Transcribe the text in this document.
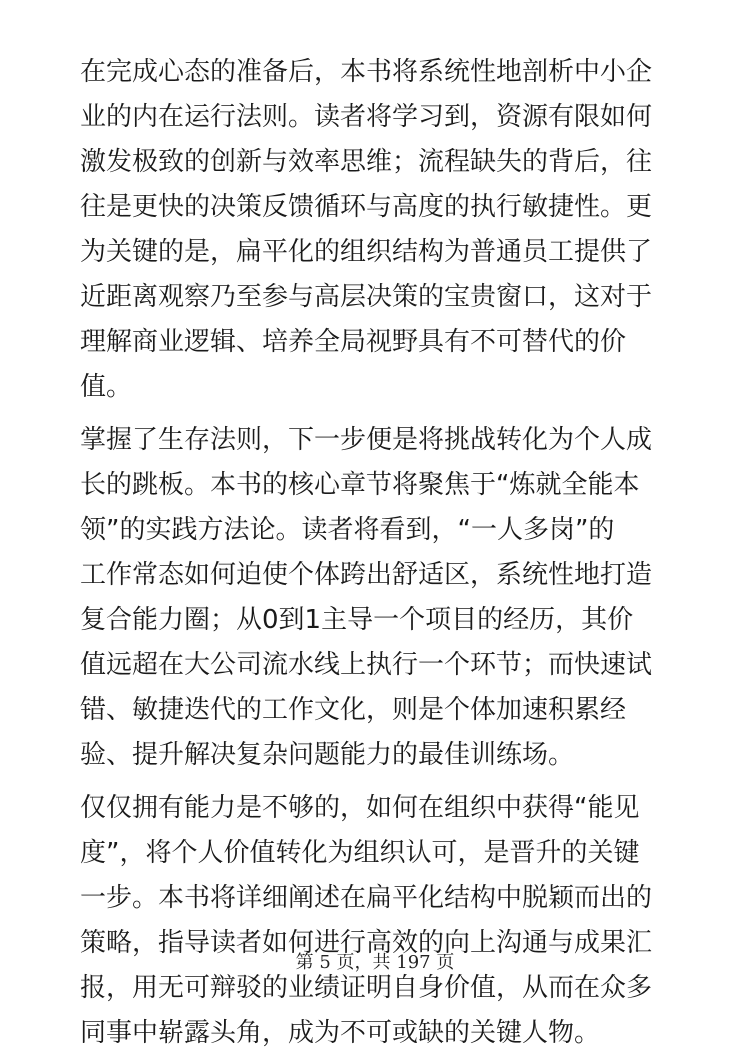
在完成心态的准备后，本书将系统性地剖析中小企
业的内在运行法则。读者将学习到，资源有限如何
激发极致的创新与效率思维；流程缺失的背后，往
往是更快的决策反馈循环与高度的执行敏捷性。更
为关键的是，扁平化的组织结构为普通员工提供了
近距离观察乃至参与高层决策的宝贵窗口，这对于
理解商业逻辑、培养全局视野具有不可替代的价
值。

掌握了生存法则，下一步便是将挑战转化为个人成
长的跳板。本书的核心章节将聚焦于“炼就全能本
领”的实践方法论。读者将看到，“一人多岗”的
工作常态如何迫使个体跨出舒适区，系统性地打造
复合能力圈；从0到1主导一个项目的经历，其价
值远超在大公司流水线上执行一个环节；而快速试
错、敏捷迭代的工作文化，则是个体加速积累经
验、提升解决复杂问题能力的最佳训练场。

仅仅拥有能力是不够的，如何在组织中获得“能见
度”，将个人价值转化为组织认可，是晋升的关键
一步。本书将详细阐述在扁平化结构中脱颖而出的
策略，指导读者如何进行高效的向上沟通与成果汇
报，用无可辩驳的业绩证明自身价值，从而在众多
同事中崭露头角，成为不可或缺的关键人物。

第 5 页，共 197 页
